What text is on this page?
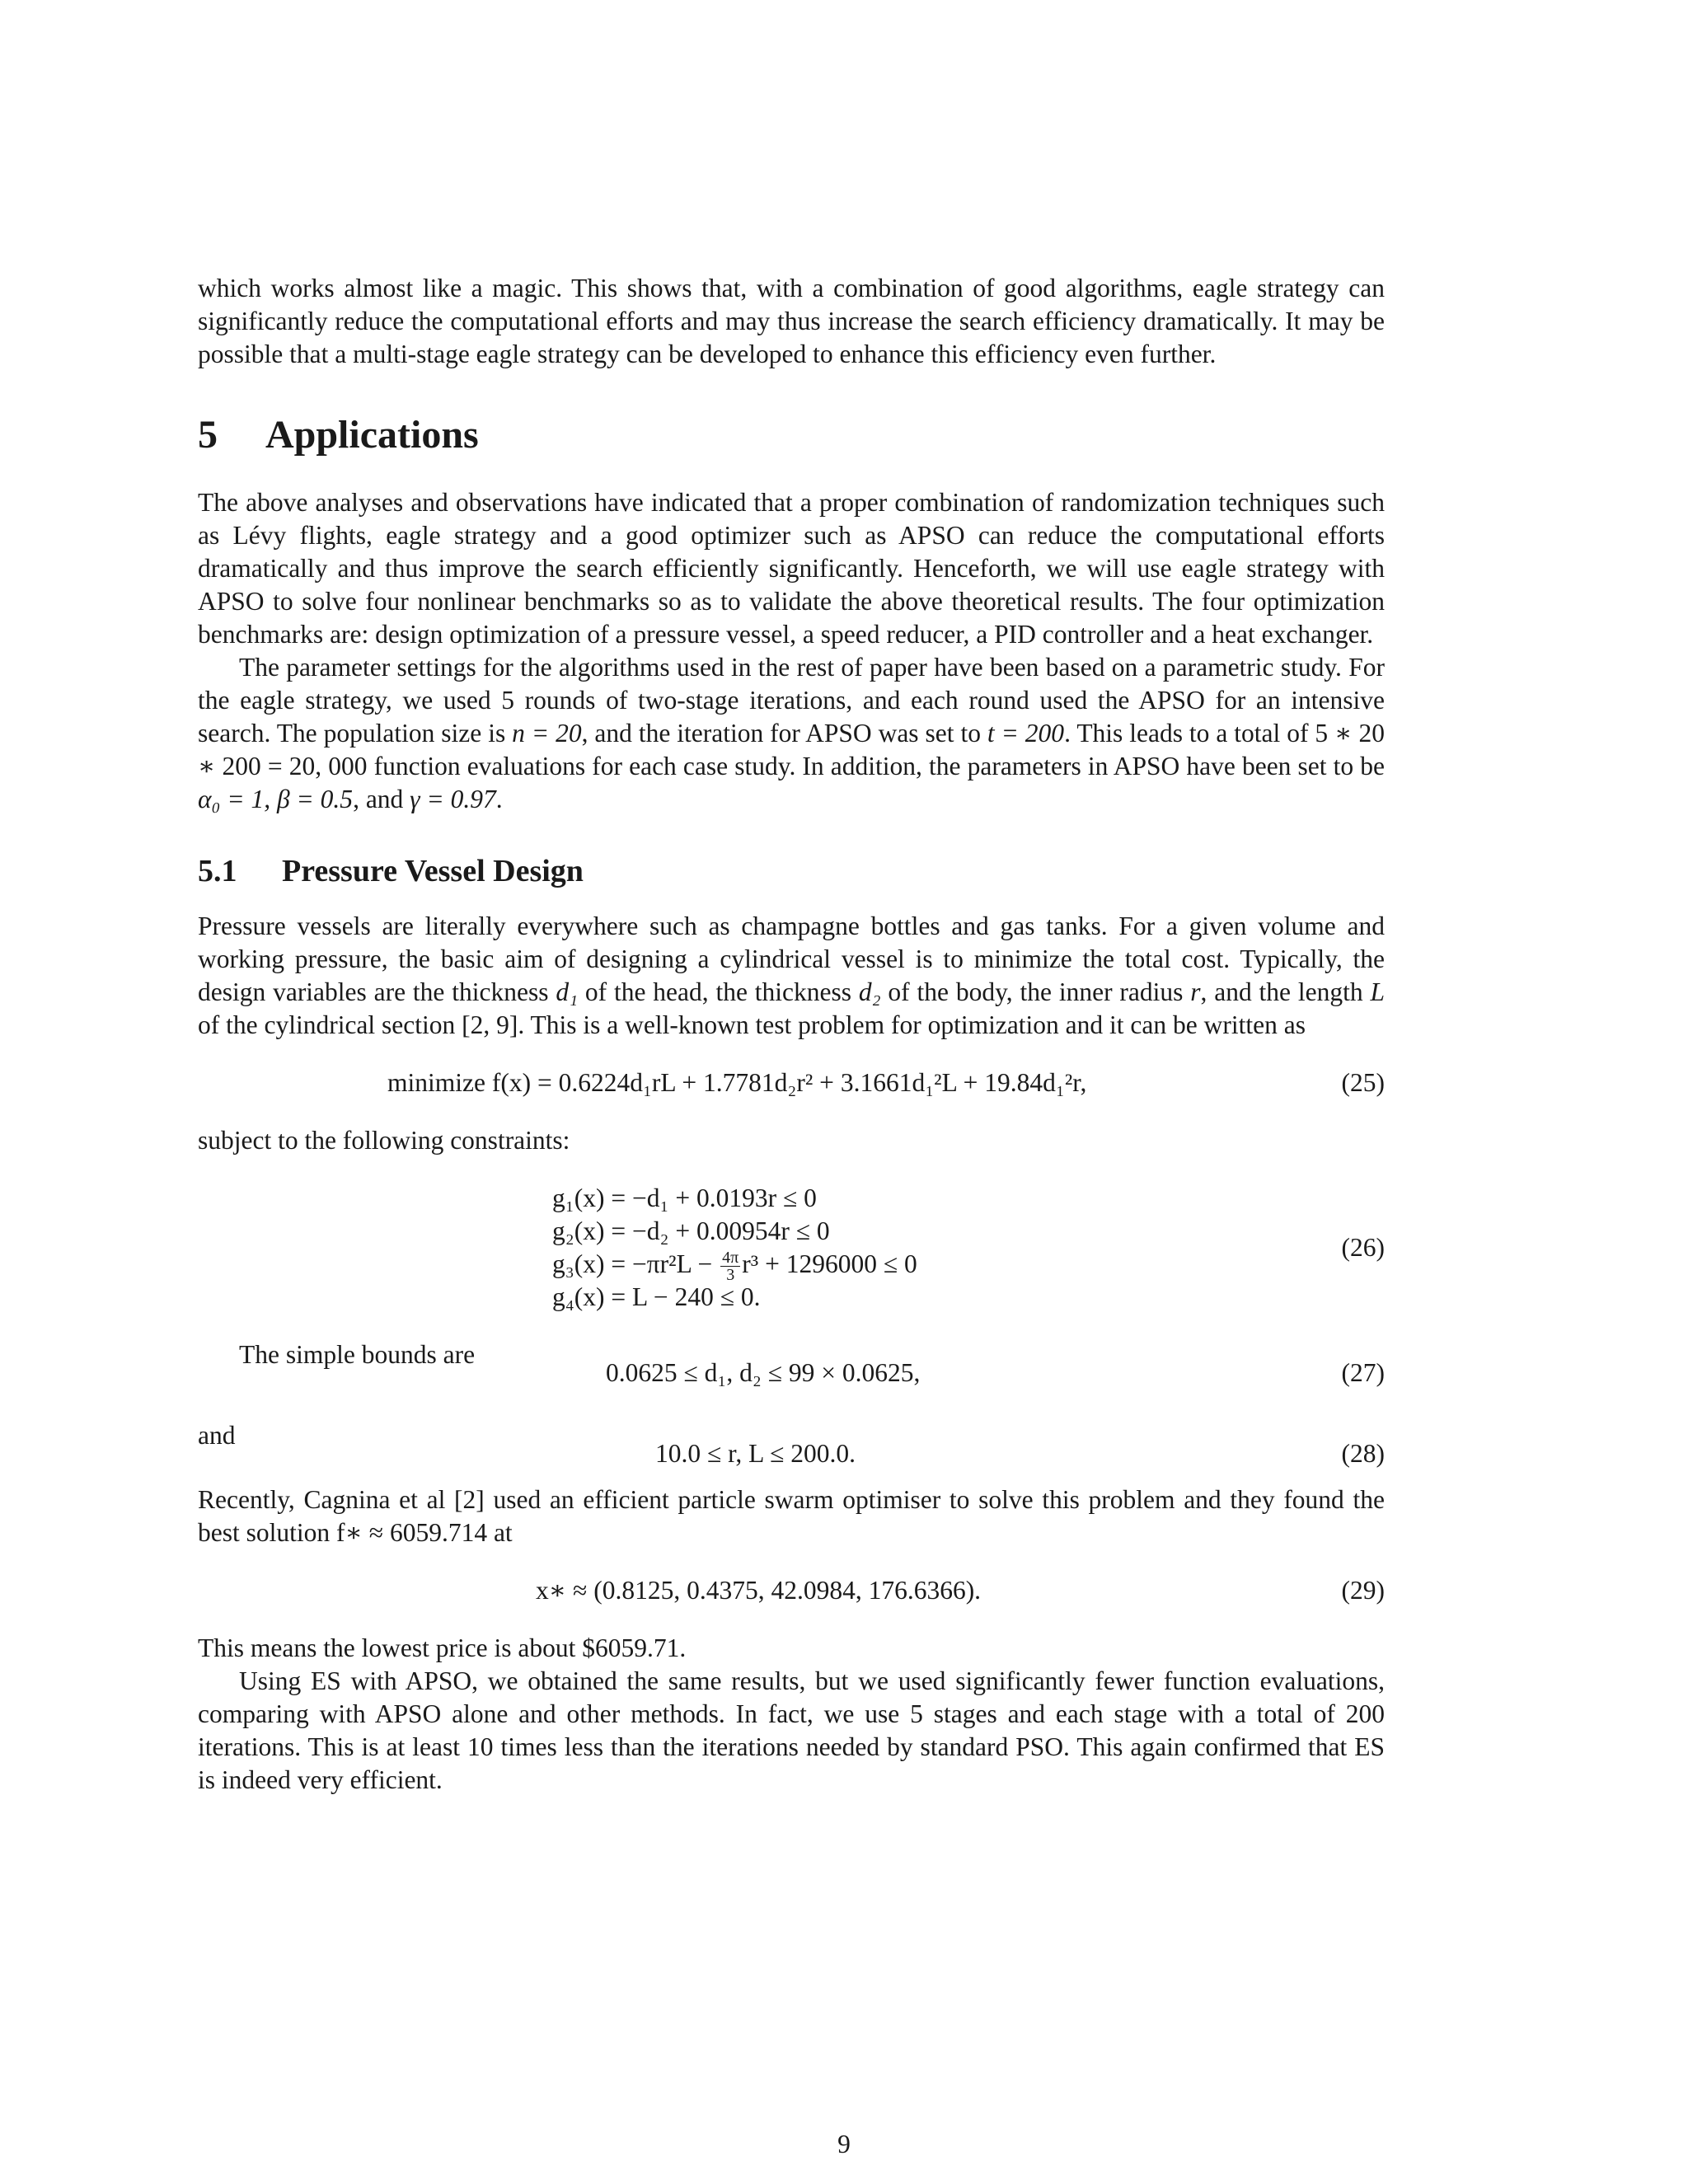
which works almost like a magic. This shows that, with a combination of good algorithms, eagle strategy can significantly reduce the computational efforts and may thus increase the search efficiency dramatically. It may be possible that a multi-stage eagle strategy can be developed to enhance this efficiency even further.

5 Applications

The above analyses and observations have indicated that a proper combination of randomization techniques such as Lévy flights, eagle strategy and a good optimizer such as APSO can reduce the computational efforts dramatically and thus improve the search efficiently significantly. Henceforth, we will use eagle strategy with APSO to solve four nonlinear benchmarks so as to validate the above theoretical results. The four optimization benchmarks are: design optimization of a pressure vessel, a speed reducer, a PID controller and a heat exchanger.

The parameter settings for the algorithms used in the rest of paper have been based on a parametric study. For the eagle strategy, we used 5 rounds of two-stage iterations, and each round used the APSO for an intensive search. The population size is n = 20, and the iteration for APSO was set to t = 200. This leads to a total of 5 ∗ 20 ∗ 200 = 20, 000 function evaluations for each case study. In addition, the parameters in APSO have been set to be α₀ = 1, β = 0.5, and γ = 0.97.

5.1 Pressure Vessel Design

Pressure vessels are literally everywhere such as champagne bottles and gas tanks. For a given volume and working pressure, the basic aim of designing a cylindrical vessel is to minimize the total cost. Typically, the design variables are the thickness d₁ of the head, the thickness d₂ of the body, the inner radius r, and the length L of the cylindrical section [2, 9]. This is a well-known test problem for optimization and it can be written as

minimize f(x) = 0.6224d₁rL + 1.7781d₂r² + 3.1661d₁²L + 19.84d₁²r,	(25)

subject to the following constraints:

g₁(x) = −d₁ + 0.0193r ≤ 0
g₂(x) = −d₂ + 0.00954r ≤ 0
$g_3(x) = -\pi r^2L - \frac{4\pi}{3} r^3 + 1296000 \le 0$
g₄(x) = L − 240 ≤ 0.
(26)
The simple bounds are
0.0625 ≤ d₁, d₂ ≤ 99 × 0.0625,	(27)
and
10.0 ≤ r, L ≤ 200.0.	(28)

Recently, Cagnina et al [2] used an efficient particle swarm optimiser to solve this problem and they found the best solution f∗ ≈ 6059.714 at

x∗ ≈ (0.8125, 0.4375, 42.0984, 176.6366).	(29)

This means the lowest price is about $6059.71.

Using ES with APSO, we obtained the same results, but we used significantly fewer function evaluations, comparing with APSO alone and other methods. In fact, we use 5 stages and each stage with a total of 200 iterations. This is at least 10 times less than the iterations needed by standard PSO. This again confirmed that ES is indeed very efficient.

9
